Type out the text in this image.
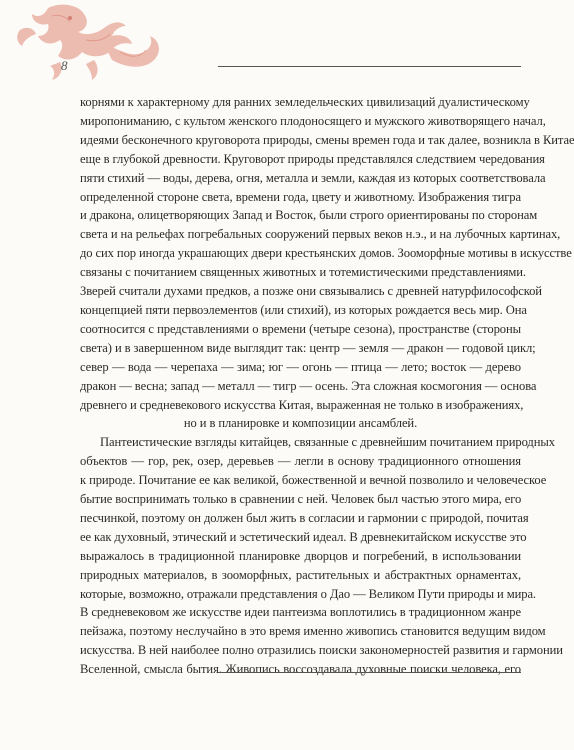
8
корнями к характерному для ранних земледельческих цивилизаций дуалистическому
миропониманию, с культом женского плодоносящего и мужского животворящего начал,
идеями бесконечного круговорота природы, смены времен года и так далее, возникла в Китае
еще в глубокой древности. Круговорот природы представлялся следствием чередования
пяти стихий — воды, дерева, огня, металла и земли, каждая из которых соответствовала
определенной стороне света, времени года, цвету и животному. Изображения тигра
и дракона, олицетворяющих Запад и Восток, были строго ориентированы по сторонам
света и на рельефах погребальных сооружений первых веков н.э., и на лубочных картинах,
до сих пор иногда украшающих двери крестьянских домов. Зооморфные мотивы в искусстве
связаны с почитанием священных животных и тотемистическими представлениями.
Зверей считали духами предков, а позже они связывались с древней натурфилософской
концепцией пяти первоэлементов (или стихий), из которых рождается весь мир. Она
соотносится с представлениями о времени (четыре сезона), пространстве (стороны
света) и в завершенном виде выглядит так: центр — земля — дракон — годовой цикл;
север — вода — черепаха — зима; юг — огонь — птица — лето; восток — дерево
дракон — весна; запад — металл — тигр — осень. Эта сложная космогония — основа
древнего и средневекового искусства Китая, выраженная не только в изображениях,
но и в планировке и композиции ансамблей.
Пантеистические взгляды китайцев, связанные с древнейшим почитанием природных
объектов — гор, рек, озер, деревьев — легли в основу традиционного отношения
к природе. Почитание ее как великой, божественной и вечной позволило и человеческое
бытие воспринимать только в сравнении с ней. Человек был частью этого мира, его
песчинкой, поэтому он должен был жить в согласии и гармонии с природой, почитая
ее как духовный, этический и эстетический идеал. В древнекитайском искусстве это
выражалось в традиционной планировке дворцов и погребений, в использовании
природных материалов, в зооморфных, растительных и абстрактных орнаментах,
которые, возможно, отражали представления о Дао — Великом Пути природы и мира.
В средневековом же искусстве идеи пантеизма воплотились в традиционном жанре
пейзажа, поэтому неслучайно в это время именно живопись становится ведущим видом
искусства. В ней наиболее полно отразились поиски закономерностей развития и гармонии
Вселенной, смысла бытия. Живопись воссоздавала духовные поиски человека, его
